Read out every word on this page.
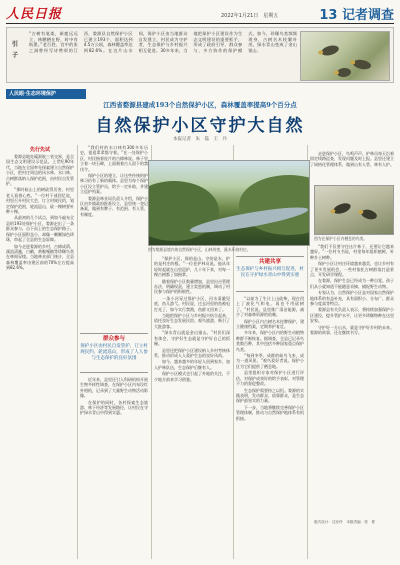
人民日报	2022年1月21日　星期五	13 记者调查
引子
“古树有笔架，新鹿远远立，林鹏栖在野，时中有纸墨。”老百姓、宫中的张之洞曾经写诗赞颂的江西，婺源县自然保护小区已建立193个，面积达到4.5万公顷，森林覆盖率达到82.6%。在这片山水间，保护小区由当地群众自发建立，村民成为守护者，生态保护与乡村振兴相互促进。30多年来，当地把保护小区建设作为生态文明建设的重要抓手，形成了政府引导、群众参与、多方协作的保护模式。如今，珍稀鸟类频频现身，古树名木枝繁叶茂，绿水青山变成了金山银山。
人民眼·生态环境保护
江西省婺源县建成193个自然保护小区，森林覆盖率提高9个百分点
自然保护小区守护大自然
本报记者　朱　磊　王　丹
先行先试

婺源县地处赣浙皖三省交界，是全国生态文明建设示范县。上世纪90年代，当地在全国率先探索建立自然保护小区，把村庄周边的风水林、水口林、古树群落纳入保护范围，由村民自发管护。

“那时候山上的树砍得厉害，村里老人看着心疼。”一位村干部回忆说，村里召开村民大会，订立村规民约，划定保护范围，轮流巡山，砍一棵树要补种十棵。

从最初的几个试点，到如今遍布全县的193处保护小区，婺源走出了一条群众参与、自下而上的生态保护路子。保护小区面积虽小，却像一颗颗绿色珍珠，串起了全县的生态屏障。

如今走进婺源的乡村，古樟成荫、溪流清澈，白鹇、黄喉噪鹛等珍稀鸟类在林间穿梭。当地林业部门统计，全县森林覆盖率由建区前的70%左右提高到82.6%。

“我们村的水口林有300多年历史，祖祖辈辈都守着。”在一处保护小区，村民指着连片的古樟林说。林子里立着一块石碑，上面刻着古人留下的禁伐令。

保护小区的建立，让这些传统的护林习俗有了新的载体。县里为每个保护小区设立管护员，给予一定补助，并建立巡护档案。

婺源县林业局负责人介绍，保护小区由乡镇政府批准设立，县里统一登记备案，做到有牌子、有范围、有人管、有制度。

群众参与
保护小区由村民自发管护，订立村规民约，轮流巡山，形成了人人参与生态保护的良好氛围

近年来，县里还引入科研机构开展生物多样性调查，在保护小区内布设红外相机，记录到了大量野生动物活动影像。

在保护的同时，各村探索生态旅游、林下经济等发展路径，让村民在守护绿水青山中得到实惠。

图为婺源县境内的自然保护小区，山林茂密，溪水环绕村庄。

“保护小区，保的是山、守的是水、护的是村庄的根。”一位老护林员说。他从年轻时起就在山里巡护，几十年下来，对每一棵古树都了如指掌。

随着保护小区数量增加，县里出台管理办法，明确权责，建立奖惩机制，调动了村民参与保护的积极性。

一条小河穿过保护小区，河水清澈见底，鱼儿游弋。村民说，过去河里的鱼被电打光了，如今实行禁渔，鱼群又回来了。

当地把保护小区与乡村振兴结合起来，依托良好生态发展民宿、观鸟旅游，吸引了大批游客。

“绿水青山就是金山银山。”村民们深有体会，守护好生态就是守护好自己的饭碗。

县里还把保护小区建设纳入乡村考核体系，推动形成人人爱护生态的良好风尚。

如今，越来越多的年轻人回到家乡，加入护林队伍，生态保护后继有人。

保护小区模式也引起了外地的关注，不少地方前来学习借鉴。

共建共享
生态保护与乡村振兴相互促进，村民在守护绿水青山中得到实惠

“以前为了生计上山砍柴，现在用上了液化气和电，再也不用砍树了。”村民说。县里推广清洁能源，减少了对森林资源的依赖。

保护小区内古树名木挂牌保护，建立健康档案，定期养护复壮。

多年来，保护小区内的野生动植物种群不断恢复。据调查，全县已记录鸟类数百种，其中包括多种国家重点保护鸟类。

“每到冬季，成群的候鸟飞来，成为一道风景。”观鸟爱好者说。保护小区为它们提供了栖息地。

县里组织专家对保护小区进行评估，对保护成效好的给予表彰，对管理不力的督促整改。

生态保护需要持之以恒。婺源的实践表明，发动群众、依靠群众，是生态保护最坚实的力量。

下一步，当地将继续完善保护小区管理体制，推动与自然保护地体系有机衔接。

走进保护小区，鸟鸣声声。护林员每天沿着固定线路巡查，发现问题及时上报。县里还建立了网格化管理体系，做到山有人管、林有人护。

图为在保护小区内栖息的鸟类。

“我们不仅要守住这片林子，还要让它越来越好。”一位村支书说，村里每年组织植树，补种乡土树种。

保护小区让村庄环境越来越美，也让乡村有了更多发展机会。一些村依托古树群落打造景点，开发研学课程。

在婺源，保护生态已经成为一种自觉。孩子们从小就知道不能随意采摘、捕捉野生动物。

专家认为，自然保护小区是对国家自然保护地体系的有益补充，具有面积小、分布广、群众参与度高等特点。

婺源县有关负责人表示，将持续加强保护小区建设，提升管护水平，让更多珍稀物种在这里安家。

守护好一方山水，就是守护好乡村的未来。婺源的故事，还在继续书写。

版式设计：沈亦伶　本版责编：张　彬
